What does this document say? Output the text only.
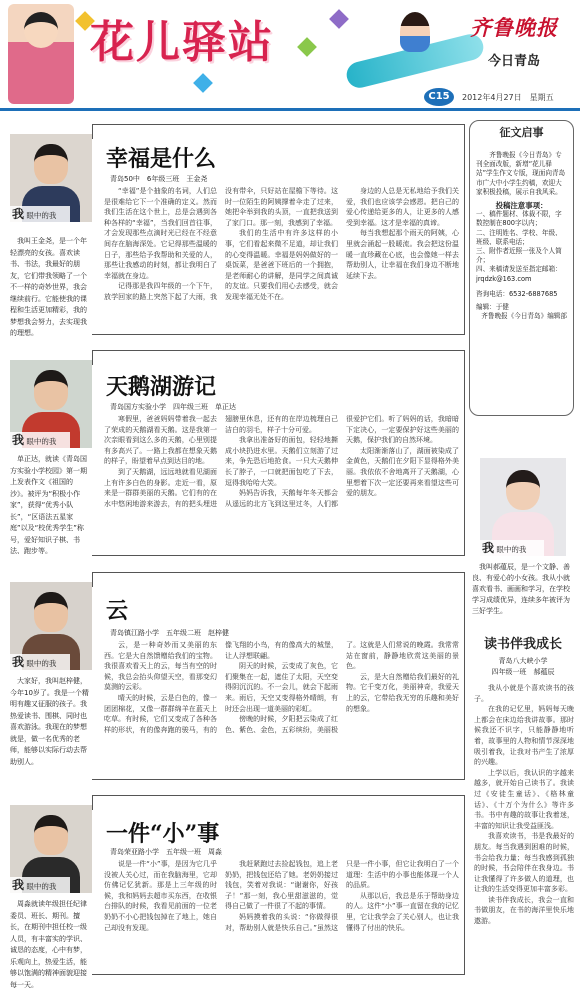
花儿驿站	齐鲁晚报
今日青岛
C15	2012年4月27日　星期五
我 眼中的我
我叫王金尧，是一个年轻漂亮的女孩。喜欢读书、书法，我最好的朋友，它们带我领略了一个不一样的奇妙世界，我会继续前行。它能使我的课程和生活更加精彩，我的梦想我会努力，去实现我的理想。
幸福是什么
青岛50中　6年级三班　王金尧

“幸福”是个抽象的名词，人们总是很难给它下一个准确的定义。然而我们生活在这个世上，总是会遇到各种各样的“幸福”，当我们回首往事，才会发现那些点滴时光已经在不经意间存在脑海深处。它记得那些温暖的日子，那些给予我帮助和关爱的人，那些让我感动的时刻，都让我明白了幸福就在身边。

记得那是我四年级的一个下午，放学回家的路上突然下起了大雨，我没有带伞，只好站在屋檐下等待。这时一位陌生的阿姨撑着伞走了过来，她把伞举到我的头顶，一直把我送到了家门口。那一刻，我感到了幸福。

我们的生活中有许多这样的小事，它们看起来微不足道，却让我们的心变得温暖。幸福是妈妈做好的一桌饭菜，是爸爸下班后的一个拥抱，是老师耐心的讲解，是同学之间真诚的友谊。只要我们用心去感受，就会发现幸福无处不在。

身边的人总是无私地给予我们关爱，我们也应该学会感恩。把自己的爱心传递给更多的人，让更多的人感受到幸福。这才是幸福的真谛。

每当我想起那个雨天的阿姨，心里就会涌起一股暖流。我会把这份温暖一直珍藏在心底，也会像她一样去帮助别人，让幸福在我们身边不断地延续下去。

我 眼中的我
单正达，就读《青岛国方实验小学校园》第一期上发表作文《祖国的沙》。被评为“积极小作家”，获得“优秀小队长”，“区语法五星家庭”以及“校优秀学生”称号，爱好知识子棋、书法、跑步等。
天鹅湖游记
青岛国方实验小学　四年级三班　单正达

寒假里，爸爸妈妈带着我一起去了荣成的天鹅湖看天鹅。这是我第一次亲眼看到这么多的天鹅，心里别提有多高兴了。一路上我都在想象天鹅的样子，盼望着早点到达目的地。

到了天鹅湖，远远地就看见湖面上有许多白色的身影。走近一看，原来是一群群美丽的天鹅。它们有的在水中悠闲地游来游去，有的把头埋进翅膀里休息，还有的在岸边梳理自己洁白的羽毛，样子十分可爱。

我拿出准备好的面包，轻轻地撕成小块扔进水里。天鹅们立刻游了过来，争先恐后地抢食。一只大天鹅伸长了脖子，一口就把面包吃了下去，逗得我哈哈大笑。

妈妈告诉我，天鹅每年冬天都会从遥远的北方飞到这里过冬，人们都很爱护它们。听了妈妈的话，我暗暗下定决心，一定要保护好这些美丽的天鹅，保护我们的自然环境。

太阳渐渐落山了，湖面被染成了金黄色，天鹅们在夕阳下显得格外美丽。我依依不舍地离开了天鹅湖，心里想着下次一定还要再来看望这些可爱的朋友。

我 眼中的我
大家好，我叫赵梓健，今年10岁了。我是一个精明有趣又征服的孩子。我热爱读书、围棋、同时也喜欢游泳。我现在的梦想就是，做一名优秀的老师，能够以实际行动去帮助别人。
云
青岛镇江路小学　五年级二班　赵梓健

云，是一种奇妙而又美丽的东西。它是大自然馈赠给我们的宝物。我很喜欢看天上的云，每当有空的时候，我总会抬头仰望天空，看那变幻莫测的云彩。

晴天的时候，云是白色的，像一团团棉花，又像一群群绵羊在蓝天上吃草。有时候，它们又变成了各种各样的形状，有的像奔跑的骏马，有的像飞翔的小鸟，有的像高大的城堡，让人浮想联翩。

阴天的时候，云变成了灰色，它们聚集在一起，遮住了太阳，天空变得阴沉沉的。不一会儿，就会下起雨来。雨后，天空又变得格外晴朗，有时还会出现一道美丽的彩虹。

傍晚的时候，夕阳把云染成了红色、紫色、金色，五彩缤纷，美丽极了。这就是人们常说的晚霞。我常常站在窗前，静静地欣赏这美丽的景色。

云，是大自然赠给我们最好的礼物。它千变万化，美丽神奇，我爱天上的云，它带给我无穷的乐趣和美好的想象。

我 眼中的我
周淼就读年级担任纪律委员、班长、期刊。擅长，在期刊中担任校一级人员，有丰富实的学识、诚恳的态度，心中有梦，乐观向上，热爱生活，能够以饱满的精神面貌迎接每一天。
一件“小”事
青岛荣亚路小学　五年级一班　周淼

说是一件“小”事，是因为它几乎没被人关心过，而在我脑海里，它却仿佛记忆犹新。那是上三年级的时候，我和妈妈去超市买东西，在收银台排队的时候，我看见前面的一位老奶奶不小心把钱包掉在了地上，她自己却没有发现。

我赶紧跑过去捡起钱包，追上老奶奶，把钱包还给了她。老奶奶接过钱包，笑着对我说：“谢谢你，好孩子！”那一刻，我心里甜滋滋的，觉得自己做了一件很了不起的事情。

妈妈摸着我的头说：“你做得很对，帮助别人就是快乐自己。”虽然这只是一件小事，但它让我明白了一个道理：生活中的小事也能体现一个人的品质。

从那以后，我总是乐于帮助身边的人。这件“小”事一直留在我的记忆里，它让我学会了关心别人，也让我懂得了付出的快乐。

征文启事

齐鲁晚报《今日青岛》专刊全面改版，新增“花儿驿站”学生作文专版，现面向青岛市广大中小学生约稿，欢迎大家积极投稿，展示自我风采。

投稿注意事项：

一、稿件题材、体裁不限，字数控制在800字以内；

二、注明姓名、学校、年级、班级、联系电话；

三、附作者近照一张及个人简介；

四、来稿请发送至指定邮箱：jrqdzk@163.com

咨询电话：6532-6887685

编辑：于健

齐鲁晚报《今日青岛》编辑部

我 眼中的我
我叫郝蕴辰，是一个文静、善良、有爱心的小女孩。我从小就喜欢看书、画画和学习，在学校学习成绩优异，连续多年被评为三好学生。
读书伴我成长
青岛八大峡小学
四年级一班　郝蕴辰

我从小就是个喜欢读书的孩子。

在我的记忆里，妈妈每天晚上都会在床边给我讲故事。那时候我还不识字，只能静静地听着，故事里的人物和情节深深地吸引着我，让我对书产生了浓厚的兴趣。

上学以后，我认识的字越来越多，就开始自己读书了。我读过《安徒生童话》、《格林童话》、《十万个为什么》等许多书。书中有趣的故事让我着迷，丰富的知识让我受益匪浅。

我喜欢读书，书是我最好的朋友。每当我遇到困难的时候，书会给我力量；每当我感到孤独的时候，书会陪伴在我身边。书让我懂得了许多做人的道理，也让我的生活变得更加丰富多彩。

读书伴我成长，我会一直和书做朋友，在书的海洋里快乐地遨游。
